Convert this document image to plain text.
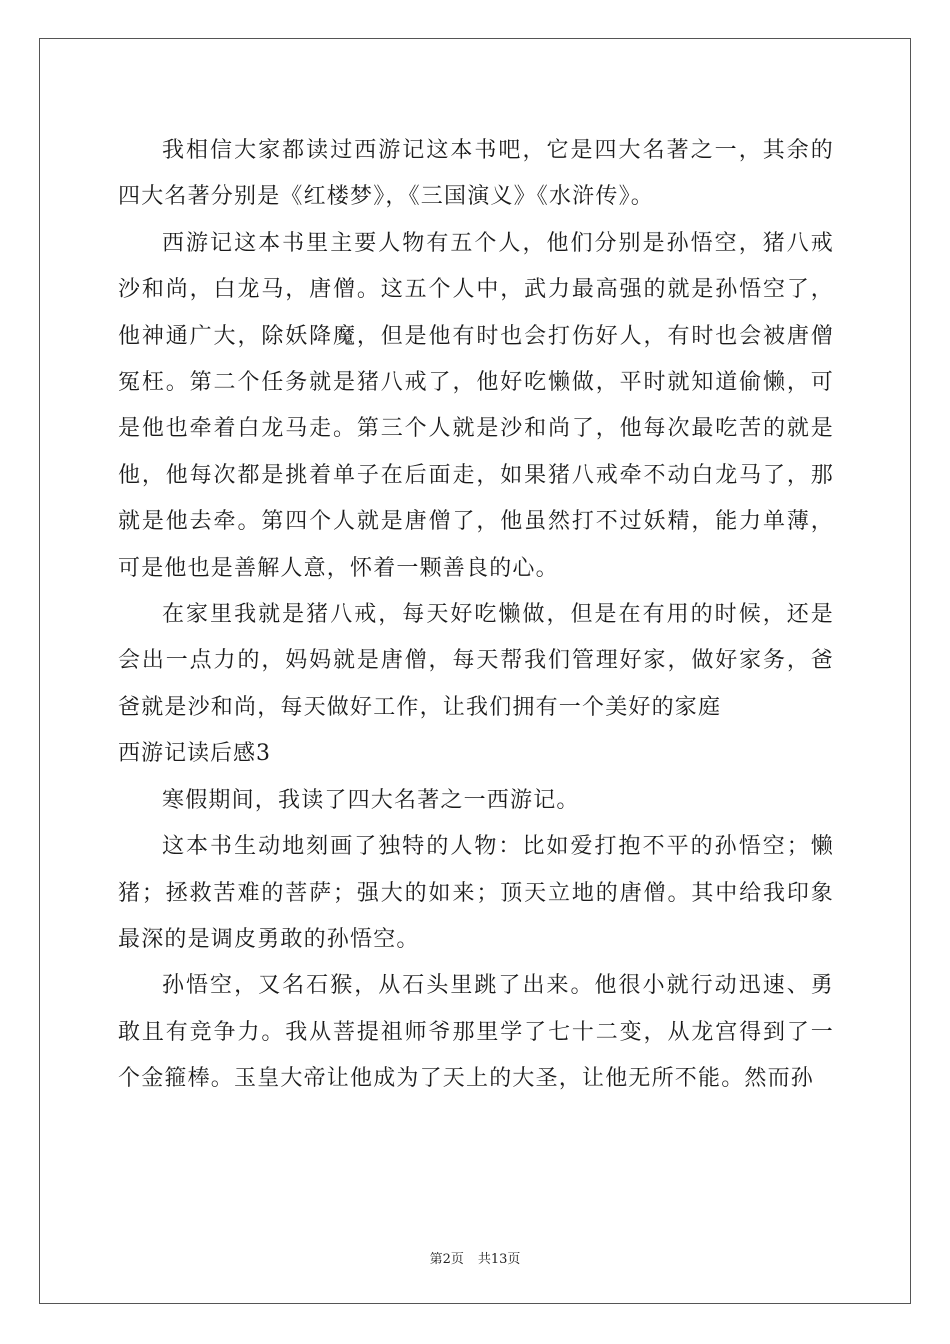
我相信大家都读过西游记这本书吧，它是四大名著之一，其余的四大名著分别是《红楼梦》，《三国演义》《水浒传》。

西游记这本书里主要人物有五个人，他们分别是孙悟空，猪八戒沙和尚，白龙马，唐僧。这五个人中，武力最高强的就是孙悟空了，他神通广大，除妖降魔，但是他有时也会打伤好人，有时也会被唐僧冤枉。第二个任务就是猪八戒了，他好吃懒做，平时就知道偷懒，可是他也牵着白龙马走。第三个人就是沙和尚了，他每次最吃苦的就是他，他每次都是挑着单子在后面走，如果猪八戒牵不动白龙马了，那就是他去牵。第四个人就是唐僧了，他虽然打不过妖精，能力单薄，可是他也是善解人意，怀着一颗善良的心。

在家里我就是猪八戒，每天好吃懒做，但是在有用的时候，还是会出一点力的，妈妈就是唐僧，每天帮我们管理好家，做好家务，爸爸就是沙和尚，每天做好工作，让我们拥有一个美好的家庭

西游记读后感3

寒假期间，我读了四大名著之一西游记。

这本书生动地刻画了独特的人物：比如爱打抱不平的孙悟空；懒猪；拯救苦难的菩萨；强大的如来；顶天立地的唐僧。其中给我印象最深的是调皮勇敢的孙悟空。

孙悟空，又名石猴，从石头里跳了出来。他很小就行动迅速、勇敢且有竞争力。我从菩提祖师爷那里学了七十二变，从龙宫得到了一个金箍棒。玉皇大帝让他成为了天上的大圣，让他无所不能。然而孙

第2页 共13页
